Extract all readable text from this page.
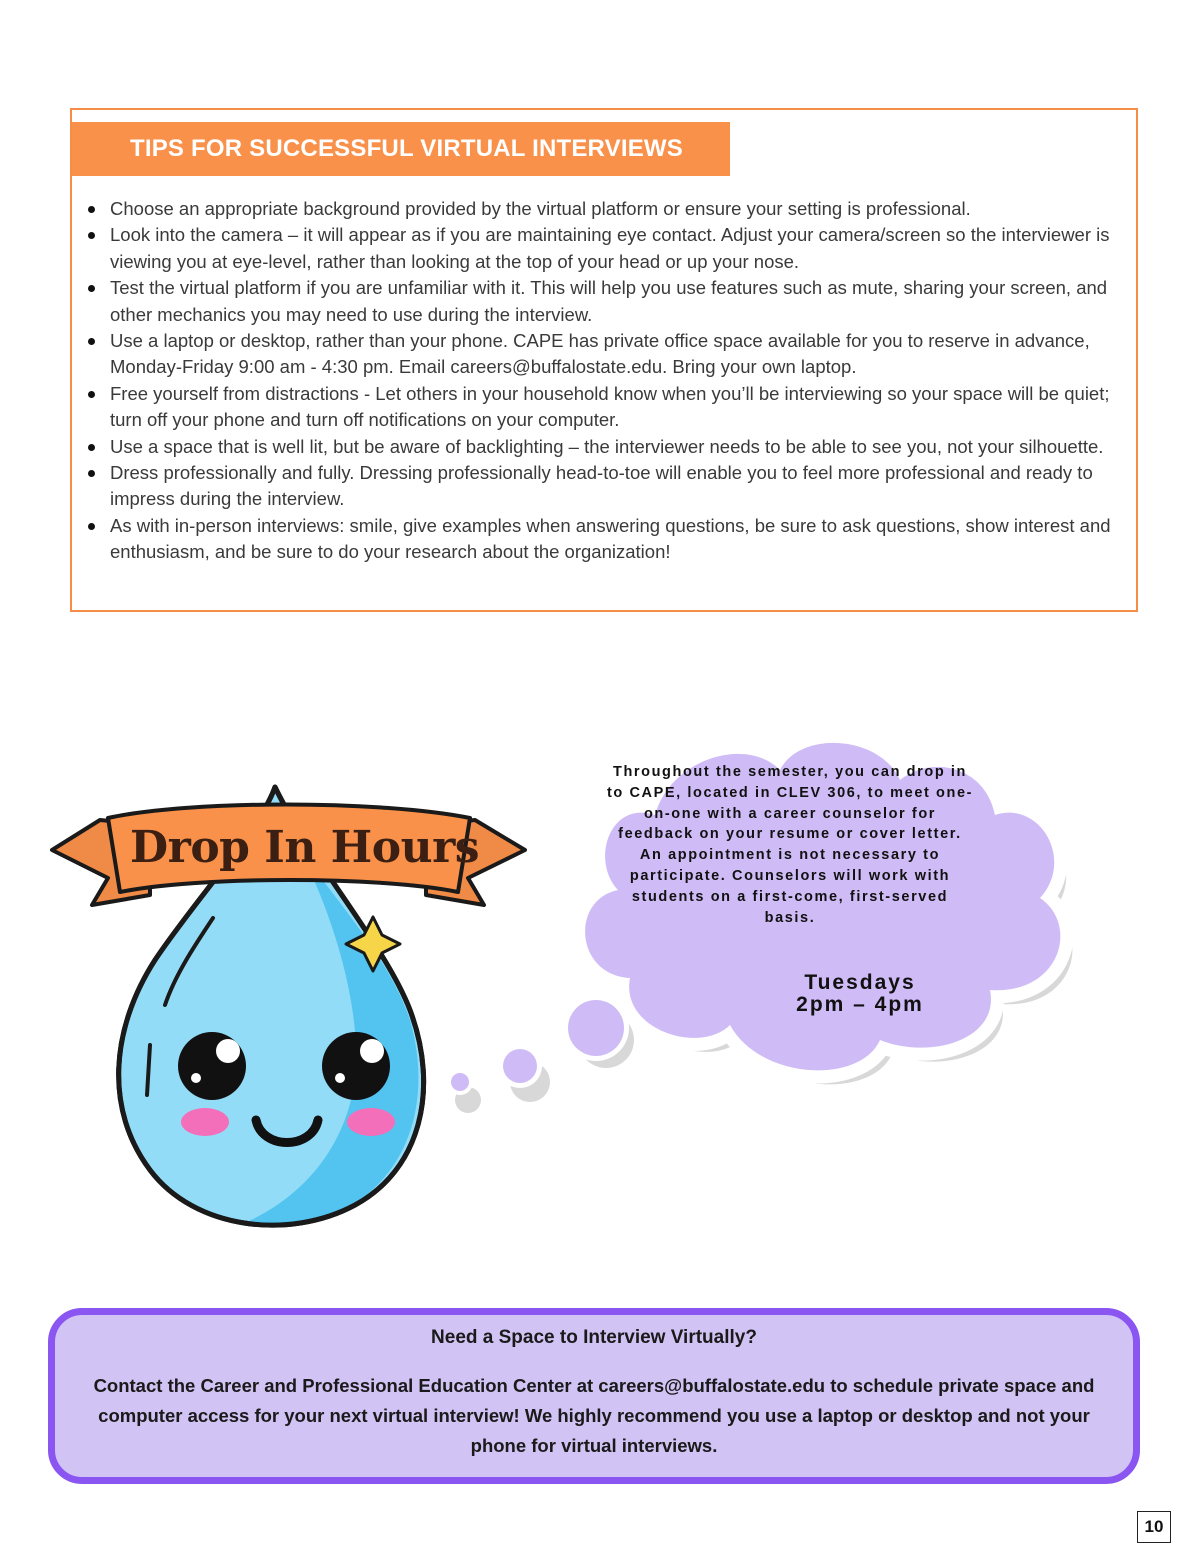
TIPS FOR SUCCESSFUL VIRTUAL INTERVIEWS
Choose an appropriate background provided by the virtual platform or ensure your setting is professional.
Look into the camera – it will appear as if you are maintaining eye contact. Adjust your camera/screen so the interviewer is viewing you at eye-level, rather than looking at the top of your head or up your nose.
Test the virtual platform if you are unfamiliar with it. This will help you use features such as mute, sharing your screen, and other mechanics you may need to use during the interview.
Use a laptop or desktop, rather than your phone. CAPE has private office space available for you to reserve in advance, Monday-Friday 9:00 am - 4:30 pm. Email careers@buffalostate.edu. Bring your own laptop.
Free yourself from distractions - Let others in your household know when you’ll be interviewing so your space will be quiet; turn off your phone and turn off notifications on your computer.
Use a space that is well lit, but be aware of backlighting – the interviewer needs to be able to see you, not your silhouette.
Dress professionally and fully. Dressing professionally head-to-toe will enable you to feel more professional and ready to impress during the interview.
As with in-person interviews: smile, give examples when answering questions, be sure to ask questions, show interest and enthusiasm, and be sure to do your research about the organization!
Drop In Hours

Throughout the semester, you can drop in to CAPE, located in CLEV 306, to meet one-on-one with a career counselor for feedback on your resume or cover letter.

An appointment is not necessary to participate. Counselors will work with students on a first-come, first-served basis.

Tuesdays
2pm – 4pm
Need a Space to Interview Virtually?
Contact the Career and Professional Education Center at careers@buffalostate.edu to schedule private space and computer access for your next virtual interview! We highly recommend you use a laptop or desktop and not your phone for virtual interviews.
10
